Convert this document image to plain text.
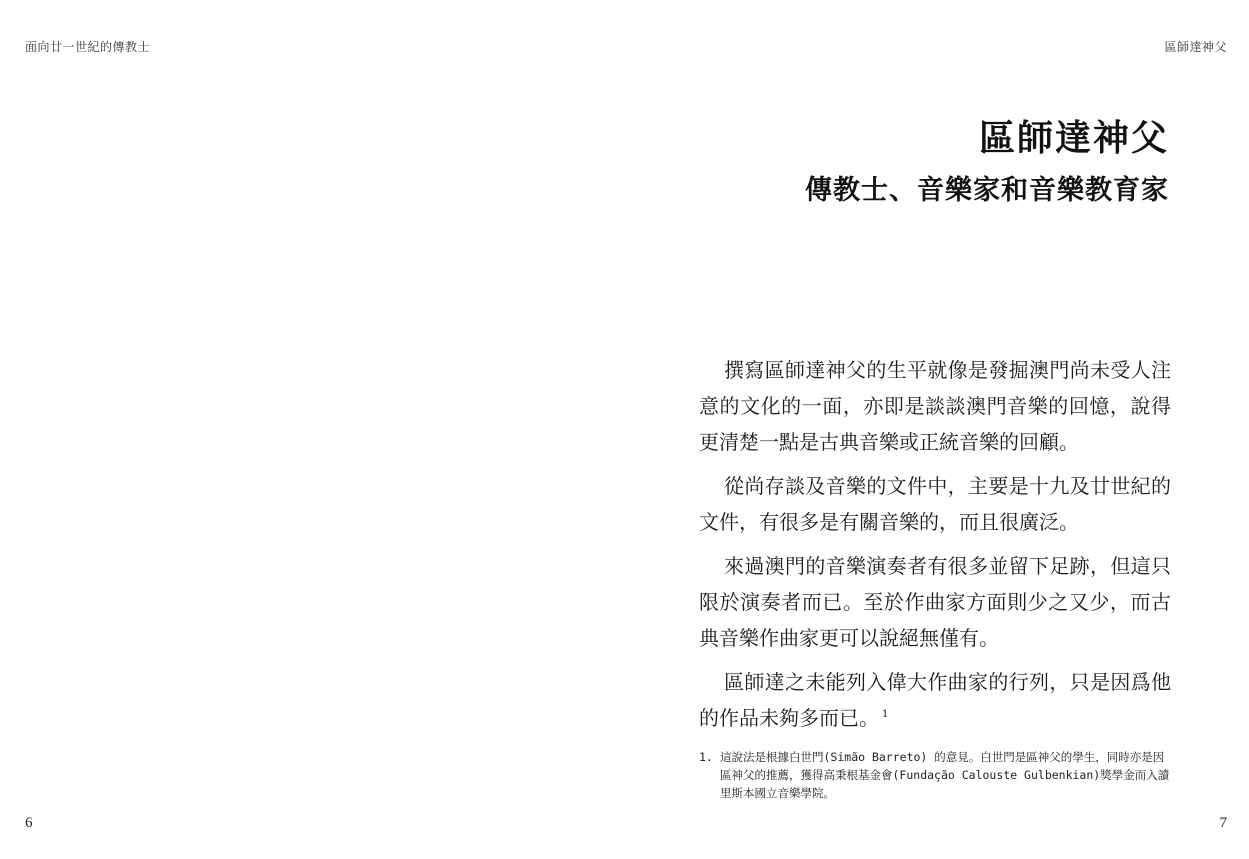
面向廿一世紀的傳教士
6
區師達神父
區師達神父
傳教士、音樂家和音樂教育家

撰寫區師達神父的生平就像是發掘澳門尚未受人注意的文化的一面，亦即是談談澳門音樂的回憶，說得更清楚一點是古典音樂或正統音樂的回顧。

從尚存談及音樂的文件中，主要是十九及廿世紀的文件，有很多是有關音樂的，而且很廣泛。

來過澳門的音樂演奏者有很多並留下足跡，但這只限於演奏者而已。至於作曲家方面則少之又少，而古典音樂作曲家更可以說絕無僅有。

區師達之未能列入偉大作曲家的行列，只是因爲他的作品未夠多而已。 $^1$

1. 這說法是根據白世門(Simão Barreto) 的意見。白世門是區神父的學生，同時亦是因區神父的推薦，獲得高秉根基金會(Fundação Calouste Gulbenkian)獎學金而入讀里斯本國立音樂學院。
7
